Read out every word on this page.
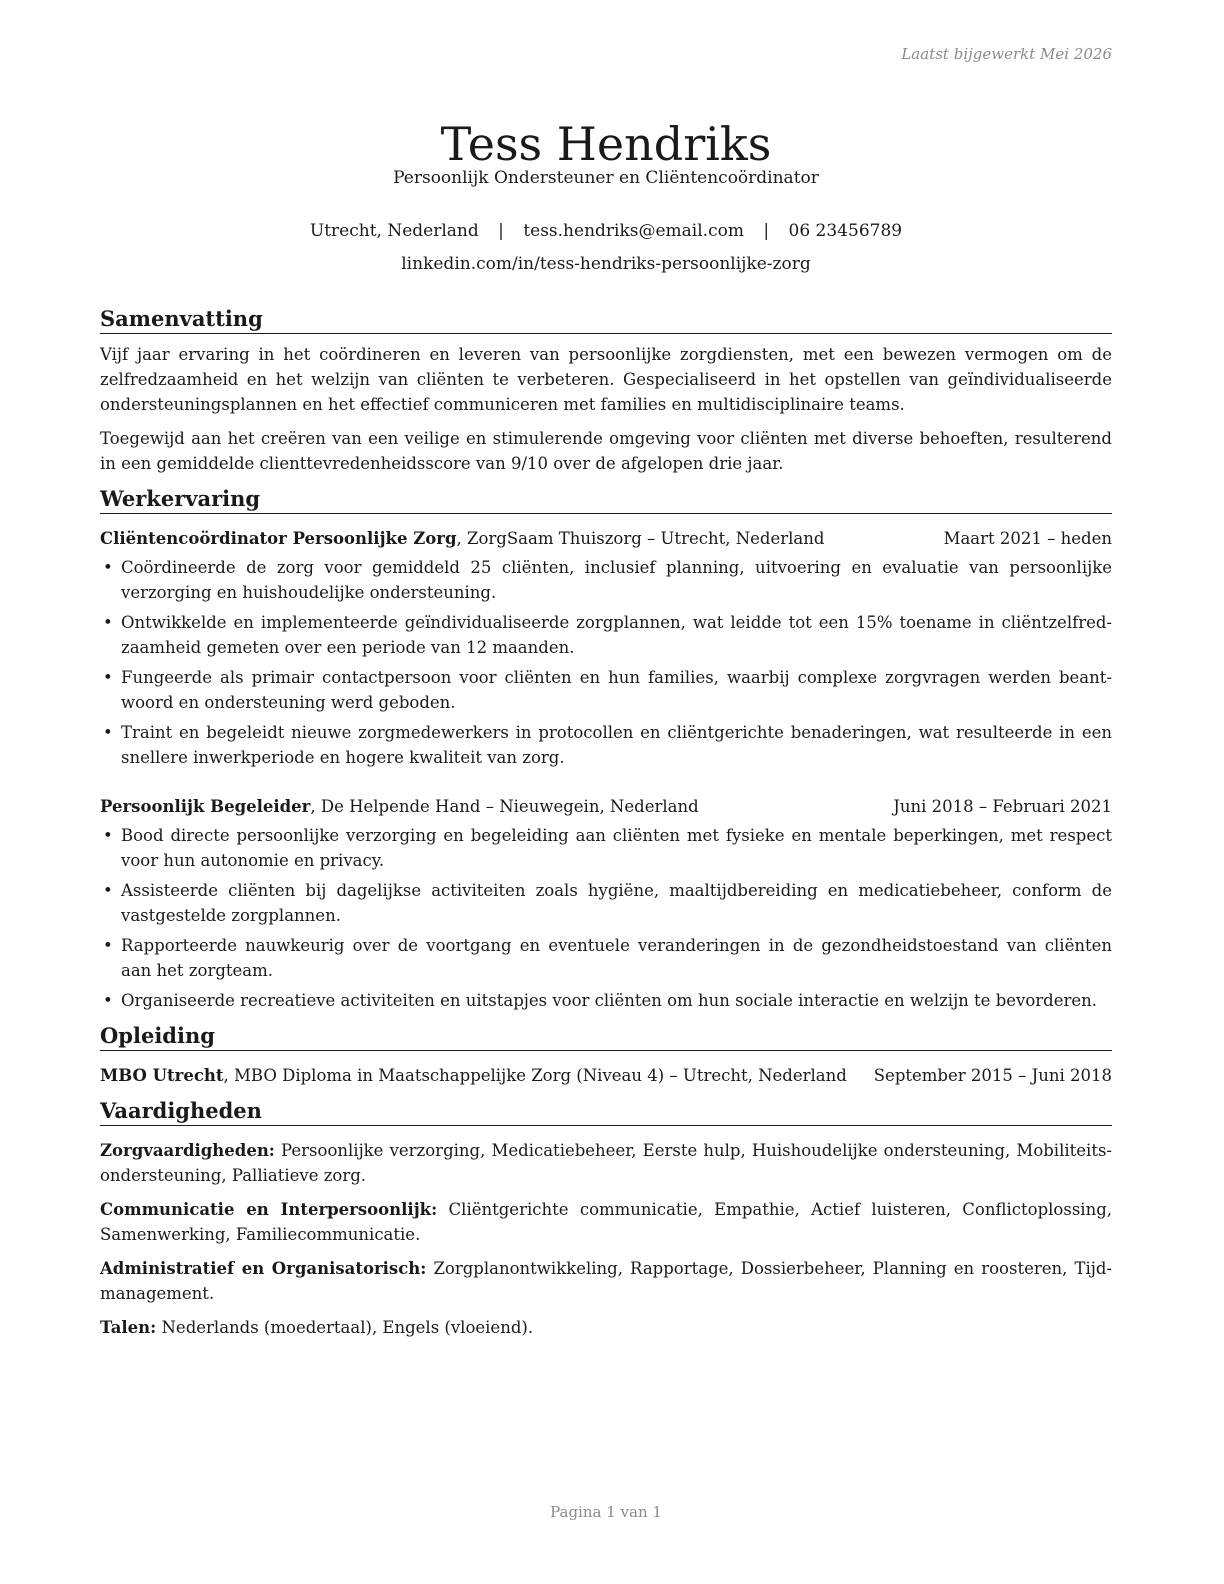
Laatst bijgewerkt Mei 2026
Tess Hendriks
Persoonlijk Ondersteuner en Cliëntencoördinator
Utrecht, Nederland | tess.hendriks@email.com | 06 23456789
linkedin.com/in/tess-hendriks-persoonlijke-zorg
Samenvatting

Vijf jaar ervaring in het coördineren en leveren van persoonlijke zorgdiensten, met een bewezen vermogen om de zelfredzaamheid en het welzijn van cliënten te verbeteren. Gespecialiseerd in het opstellen van geïndividualiseerde ondersteuningsplannen en het effectief communiceren met families en multidisciplinaire teams.

Toegewijd aan het creëren van een veilige en stimulerende omgeving voor cliënten met diverse behoeften, resulterend in een gemiddelde clienttevredenheidsscore van 9/10 over de afgelopen drie jaar.

Werkervaring
Cliëntencoördinator Persoonlijke Zorg, ZorgSaam Thuiszorg – Utrecht, Nederland	Maart 2021 – heden
• Coördineerde de zorg voor gemiddeld 25 cliënten, inclusief planning, uitvoering en evaluatie van persoonlijke verzorging en huishoudelijke ondersteuning.
• Ontwikkelde en implementeerde geïndividualiseerde zorgplannen, wat leidde tot een 15% toename in cliëntzelfredzaamheid gemeten over een periode van 12 maanden.
• Fungeerde als primair contactpersoon voor cliënten en hun families, waarbij complexe zorgvragen werden beantwoord en ondersteuning werd geboden.
• Traint en begeleidt nieuwe zorgmedewerkers in protocollen en cliëntgerichte benaderingen, wat resulteerde in een snellere inwerkperiode en hogere kwaliteit van zorg.
Persoonlijk Begeleider, De Helpende Hand – Nieuwegein, Nederland	Juni 2018 – Februari 2021
• Bood directe persoonlijke verzorging en begeleiding aan cliënten met fysieke en mentale beperkingen, met respect voor hun autonomie en privacy.
• Assisteerde cliënten bij dagelijkse activiteiten zoals hygiëne, maaltijdbereiding en medicatiebeheer, conform de vastgestelde zorgplannen.
• Rapporteerde nauwkeurig over de voortgang en eventuele veranderingen in de gezondheidstoestand van cliënten aan het zorgteam.
• Organiseerde recreatieve activiteiten en uitstapjes voor cliënten om hun sociale interactie en welzijn te bevorderen.
Opleiding
MBO Utrecht, MBO Diploma in Maatschappelijke Zorg (Niveau 4) – Utrecht, Nederland	September 2015 – Juni 2018
Vaardigheden

Zorgvaardigheden: Persoonlijke verzorging, Medicatiebeheer, Eerste hulp, Huishoudelijke ondersteuning, Mobiliteitsondersteuning, Palliatieve zorg.

Communicatie en Interpersoonlijk: Cliëntgerichte communicatie, Empathie, Actief luisteren, Conflictoplossing, Samenwerking, Familiecommunicatie.

Administratief en Organisatorisch: Zorgplanontwikkeling, Rapportage, Dossierbeheer, Planning en roosteren, Tijdmanagement.

Talen: Nederlands (moedertaal), Engels (vloeiend).

Pagina 1 van 1
